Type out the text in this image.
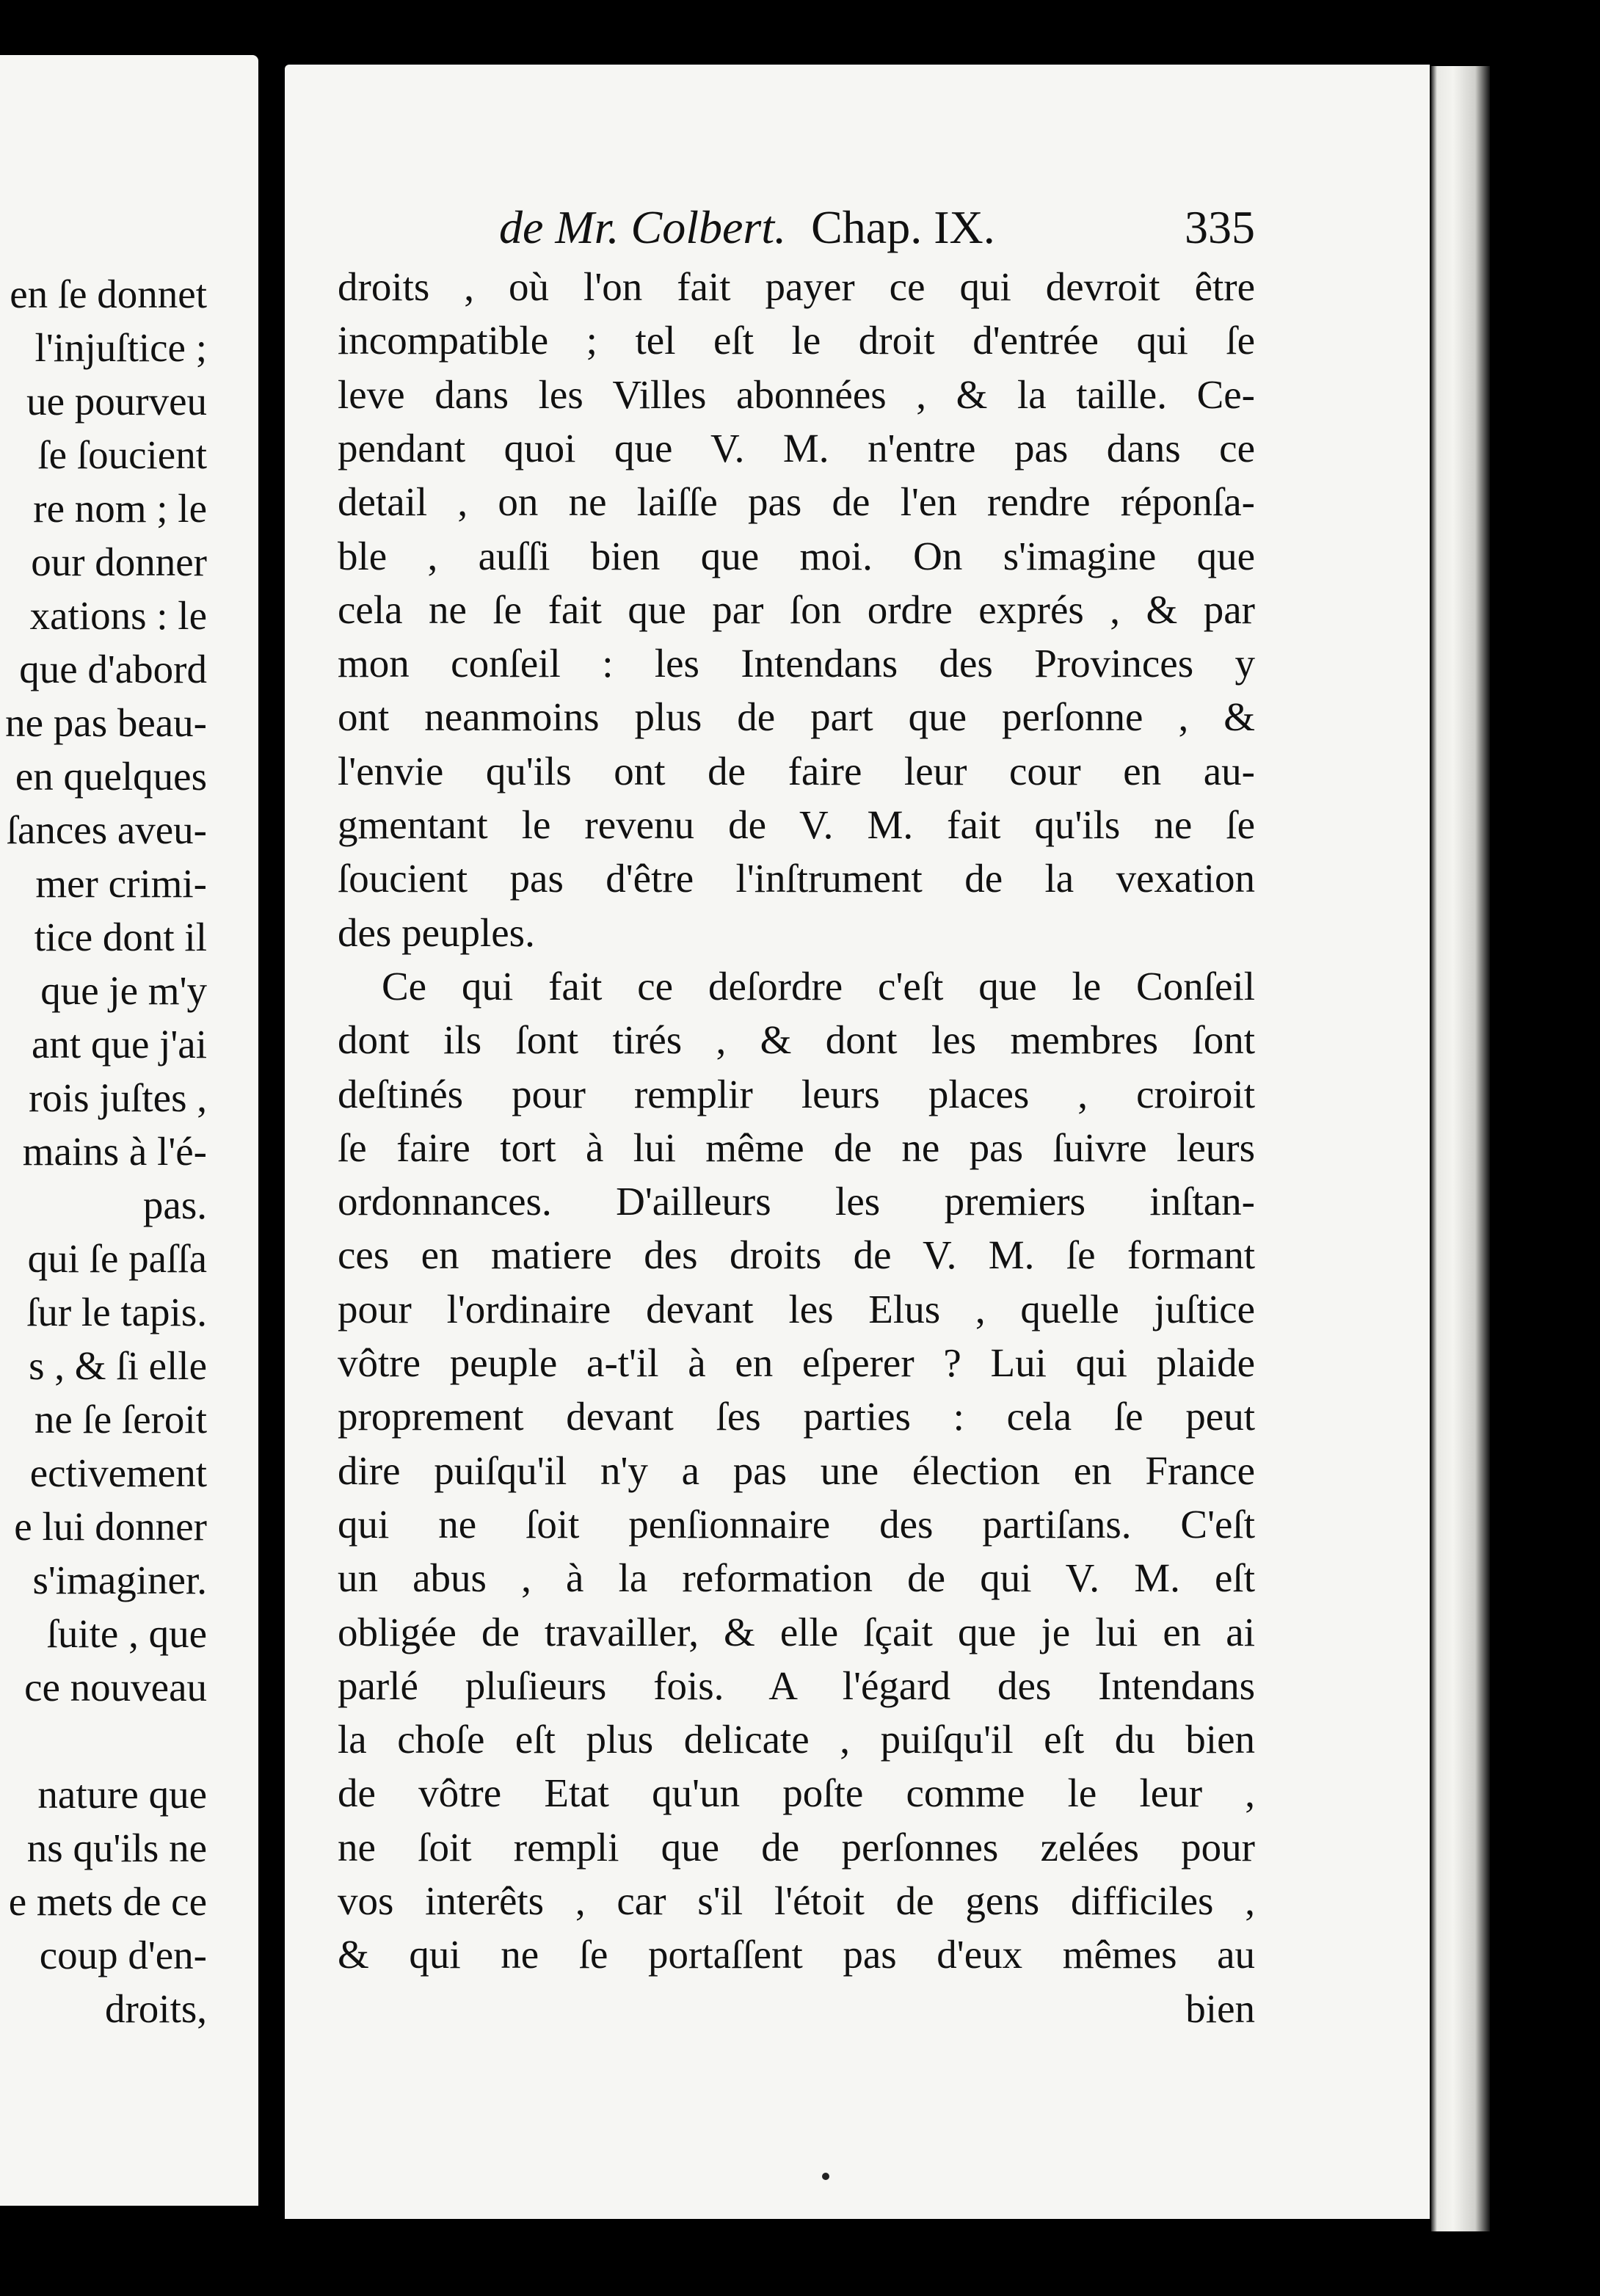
en ſe donnet
l'injuſtice ;
ue pourveu
ſe ſoucient
re nom ; le
our donner
xations : le
que d'abord
ne pas beau-
en quelques
ſances aveu-
mer crimi-
tice dont il
que je m'y
ant que j'ai
rois juſtes ,
mains à l'é-
pas.
qui ſe paſſa
ſur le tapis.
s , & ſi elle
ne ſe ſeroit
ectivement
e lui donner
s'imaginer.
ſuite , que
ce nouveau
nature que
ns qu'ils ne
e mets de ce
coup d'en-
droits,
de Mr. Colbert. Chap. IX.	335
droits , où l'on fait payer ce qui devroit être
incompatible ; tel eſt le droit d'entrée qui ſe
leve dans les Villes abonnées , & la taille. Ce-
pendant quoi que V. M. n'entre pas dans ce
detail , on ne laiſſe pas de l'en rendre réponſa-
ble , auſſi bien que moi. On s'imagine que
cela ne ſe fait que par ſon ordre exprés , & par
mon conſeil : les Intendans des Provinces y
ont neanmoins plus de part que perſonne , &
l'envie qu'ils ont de faire leur cour en au-
gmentant le revenu de V. M. fait qu'ils ne ſe
ſoucient pas d'être l'inſtrument de la vexation
des peuples.
Ce qui fait ce deſordre c'eſt que le Conſeil
dont ils ſont tirés , & dont les membres ſont
deſtinés pour remplir leurs places , croiroit
ſe faire tort à lui même de ne pas ſuivre leurs
ordonnances. D'ailleurs les premiers inſtan-
ces en matiere des droits de V. M. ſe formant
pour l'ordinaire devant les Elus , quelle juſtice
vôtre peuple a-t'il à en eſperer ? Lui qui plaide
proprement devant ſes parties : cela ſe peut
dire puiſqu'il n'y a pas une élection en France
qui ne ſoit penſionnaire des partiſans. C'eſt
un abus , à la reformation de qui V. M. eſt
obligée de travailler, & elle ſçait que je lui en ai
parlé pluſieurs fois. A l'égard des Intendans
la choſe eſt plus delicate , puiſqu'il eſt du bien
de vôtre Etat qu'un poſte comme le leur ,
ne ſoit rempli que de perſonnes zelées pour
vos interêts , car s'il l'étoit de gens difficiles ,
& qui ne ſe portaſſent pas d'eux mêmes au
bien
